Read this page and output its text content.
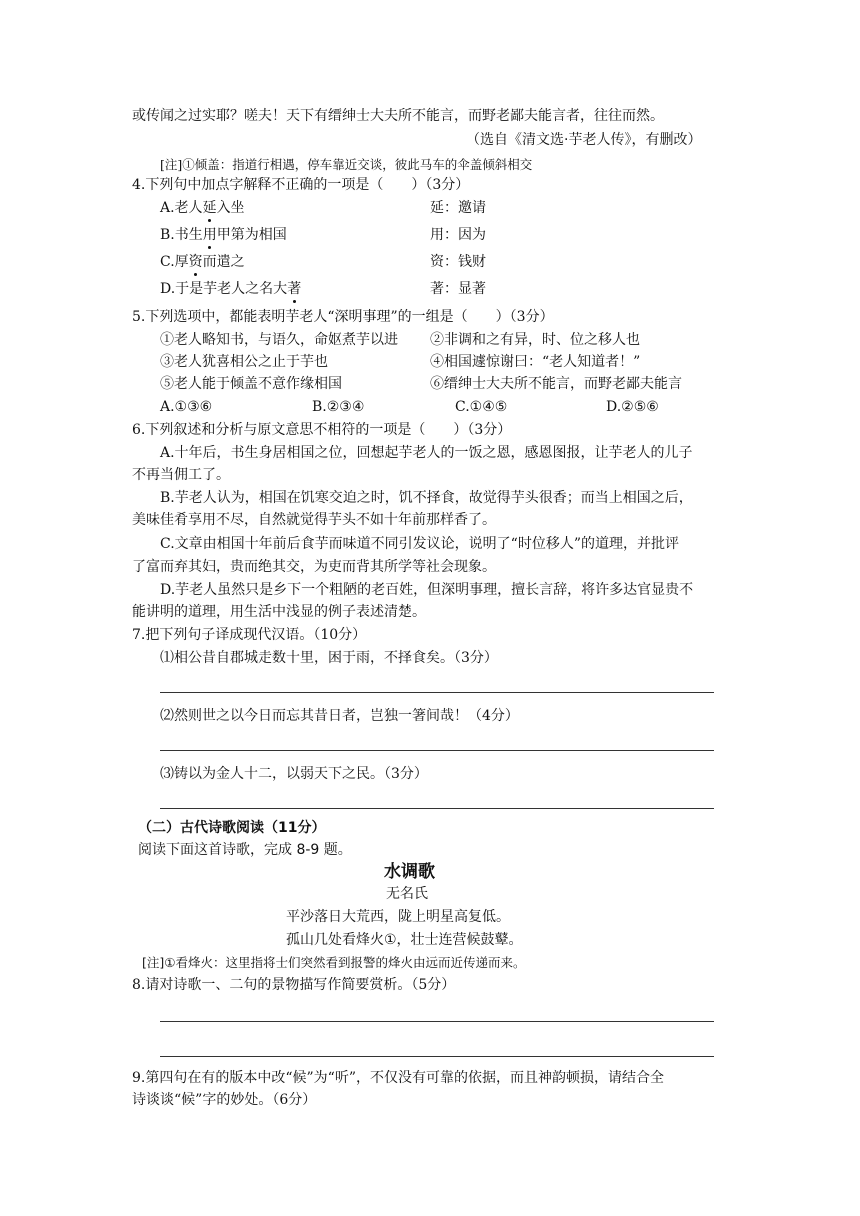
或传闻之过实耶？嗟夫！天下有缙绅士大夫所不能言，而野老鄙夫能言者，往往而然。
（选自《清文选·芋老人传》，有删改）
[注]①倾盖：指道行相遇，停车靠近交谈，彼此马车的伞盖倾斜相交
4.下列句中加点字解释不正确的一项是（　　）（3分）
A.老人延入坐	延：邀请
B.书生用甲第为相国	用：因为
C.厚资而遣之	资：钱财
D.于是芋老人之名大著	著：显著
5.下列选项中，都能表明芋老人“深明事理”的一组是（　　）（3分）
①老人略知书，与语久，命妪煮芋以进 ②非调和之有异，时、位之移人也
③老人犹喜相公之止于芋也	④相国遽惊谢曰：“老人知道者！”
⑤老人能于倾盖不意作缘相国	⑥缙绅士大夫所不能言，而野老鄙夫能言
A.①③⑥	B.②③④	C.①④⑤	D.②⑤⑥
6.下列叙述和分析与原文意思不相符的一项是（　　）（3分）
A.十年后，书生身居相国之位，回想起芋老人的一饭之恩，感恩图报，让芋老人的儿子
不再当佣工了。
B.芋老人认为，相国在饥寒交迫之时，饥不择食，故觉得芋头很香；而当上相国之后，
美味佳肴享用不尽，自然就觉得芋头不如十年前那样香了。
C.文章由相国十年前后食芋而味道不同引发议论，说明了“时位移人”的道理，并批评
了富而弃其妇，贵而绝其交，为吏而背其所学等社会现象。
D.芋老人虽然只是乡下一个粗陋的老百姓，但深明事理，擅长言辞，将许多达官显贵不
能讲明的道理，用生活中浅显的例子表述清楚。
7.把下列句子译成现代汉语。（10分）
⑴相公昔自郡城走数十里，困于雨，不择食矣。（3分）
⑵然则世之以今日而忘其昔日者，岂独一箸间哉！（4分）
⑶铸以为金人十二，以弱天下之民。（3分）
（二）古代诗歌阅读（11分）
阅读下面这首诗歌，完成 8-9 题。
水调歌
无名氏
平沙落日大荒西，陇上明星高复低。
孤山几处看烽火①，壮士连营候鼓鼙。
[注]①看烽火：这里指将士们突然看到报警的烽火由远而近传递而来。
8.请对诗歌一、二句的景物描写作简要赏析。（5分）
9.第四句在有的版本中改“候”为“听”，不仅没有可靠的依据，而且神韵顿损，请结合全
诗谈谈“候”字的妙处。（6分）
